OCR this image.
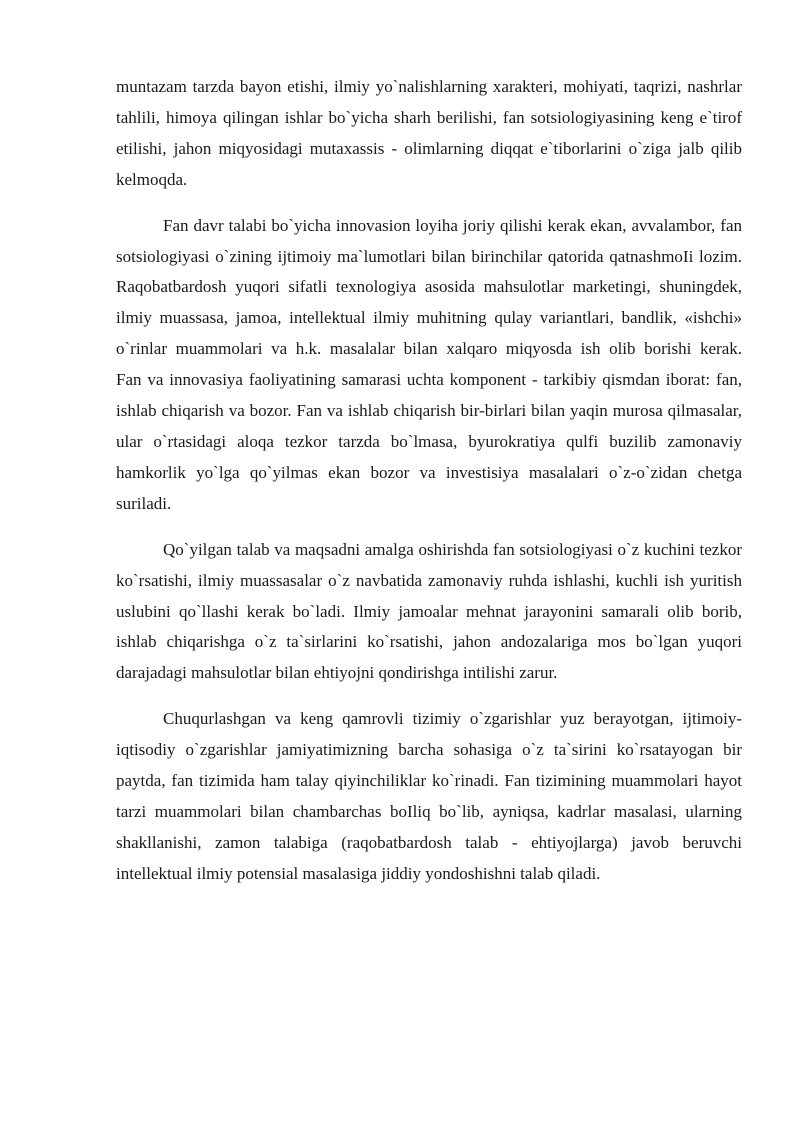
muntazam tarzda bayon etishi, ilmiy yo`nalishlarning xarakteri, mohiyati, taqrizi, nashrlar tahlili, himoya qilingan ishlar bo`yicha sharh berilishi, fan sotsiologiyasining keng e`tirof etilishi, jahon miqyosidagi mutaxassis - olimlarning diqqat e`tiborlarini o`ziga jalb qilib kelmoqda.

Fan davr talabi bo`yicha innovasion loyiha joriy qilishi kerak ekan, avvalambor, fan sotsiologiyasi o`zining ijtimoiy ma`lumotlari bilan birinchilar qatorida qatnashmoIi lozim. Raqobatbardosh yuqori sifatli texnologiya asosida mahsulotlar marketingi, shuningdek, ilmiy muassasa, jamoa, intellektual ilmiy muhitning qulay variantlari, bandlik, «ishchi» o`rinlar muammolari va h.k. masalalar bilan xalqaro miqyosda ish olib borishi kerak.

Fan va innovasiya faoliyatining samarasi uchta komponent - tarkibiy qismdan iborat: fan, ishlab chiqarish va bozor. Fan va ishlab chiqarish bir-birlari bilan yaqin murosa qilmasalar, ular o`rtasidagi aloqa tezkor tarzda bo`lmasa, byurokratiya qulfi buzilib zamonaviy hamkorlik yo`lga qo`yilmas ekan bozor va investisiya masalalari o`z-o`zidan chetga suriladi.

Qo`yilgan talab va maqsadni amalga oshirishda fan sotsiologiyasi o`z kuchini tezkor ko`rsatishi, ilmiy muassasalar o`z navbatida zamonaviy ruhda ishlashi, kuchli ish yuritish uslubini qo`llashi kerak bo`ladi. Ilmiy jamoalar mehnat jarayonini samarali olib borib, ishlab chiqarishga o`z ta`sirlarini ko`rsatishi, jahon andozalariga mos bo`lgan yuqori darajadagi mahsulotlar bilan ehtiyojni qondirishga intilishi zarur.

Chuqurlashgan va keng qamrovli tizimiy o`zgarishlar yuz berayotgan, ijtimoiy-iqtisodiy o`zgarishlar jamiyatimizning barcha sohasiga o`z ta`sirini ko`rsatayogan bir paytda, fan tizimida ham talay qiyinchiliklar ko`rinadi. Fan tizimining muammolari hayot tarzi muammolari bilan chambarchas boIliq bo`lib, ayniqsa, kadrlar masalasi, ularning shakllanishi, zamon talabiga (raqobatbardosh talab - ehtiyojlarga) javob beruvchi intellektual ilmiy potensial masalasiga jiddiy yondoshishni talab qiladi.
